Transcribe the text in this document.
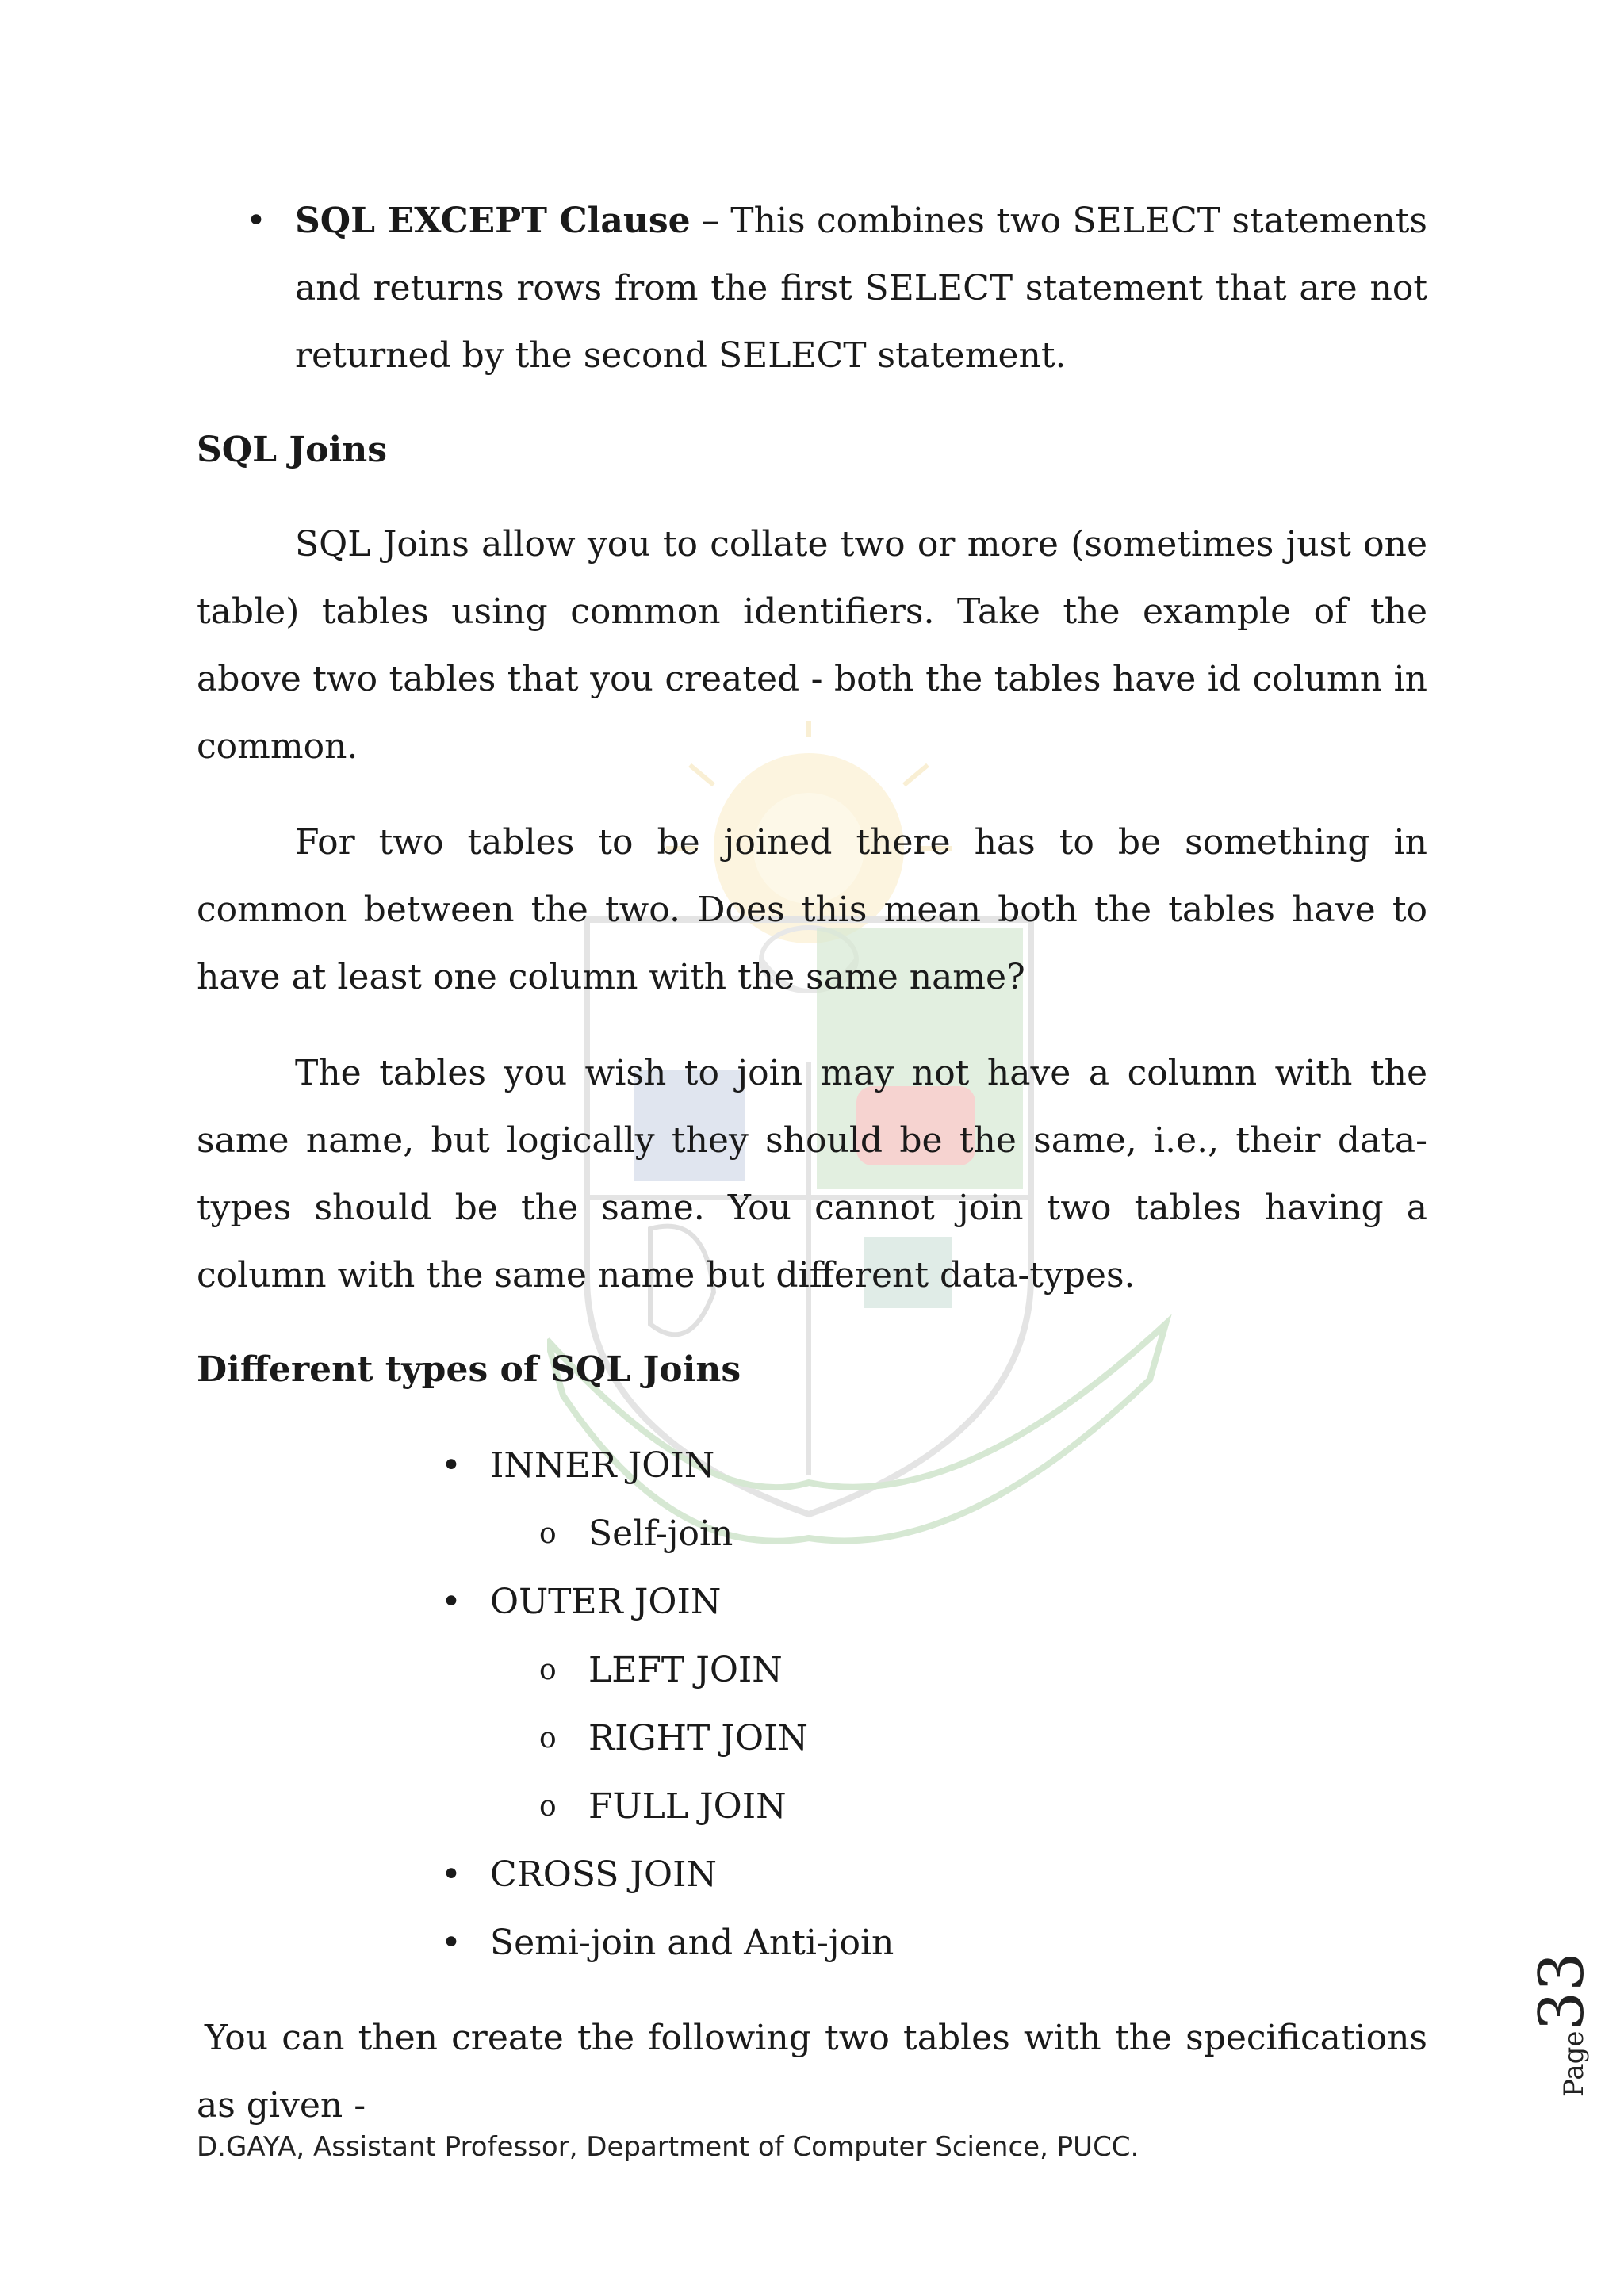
• SQL EXCEPT Clause – This combines two SELECT statements and returns rows from the first SELECT statement that are not returned by the second SELECT statement.
SQL Joins

SQL Joins allow you to collate two or more (sometimes just one table) tables using common identifiers. Take the example of the above two tables that you created - both the tables have id column in common.

For two tables to be joined there has to be something in common between the two. Does this mean both the tables have to have at least one column with the same name?

The tables you wish to join may not have a column with the same name, but logically they should be the same, i.e., their data-types should be the same. You cannot join two tables having a column with the same name but different data-types.

Different types of SQL Joins
• INNER JOIN
o Self-join
• OUTER JOIN
o LEFT JOIN
o RIGHT JOIN
o FULL JOIN
• CROSS JOIN
• Semi-join and Anti-join

You can then create the following two tables with the specifications as given -

Page33
D.GAYA, Assistant Professor, Department of Computer Science, PUCC.
